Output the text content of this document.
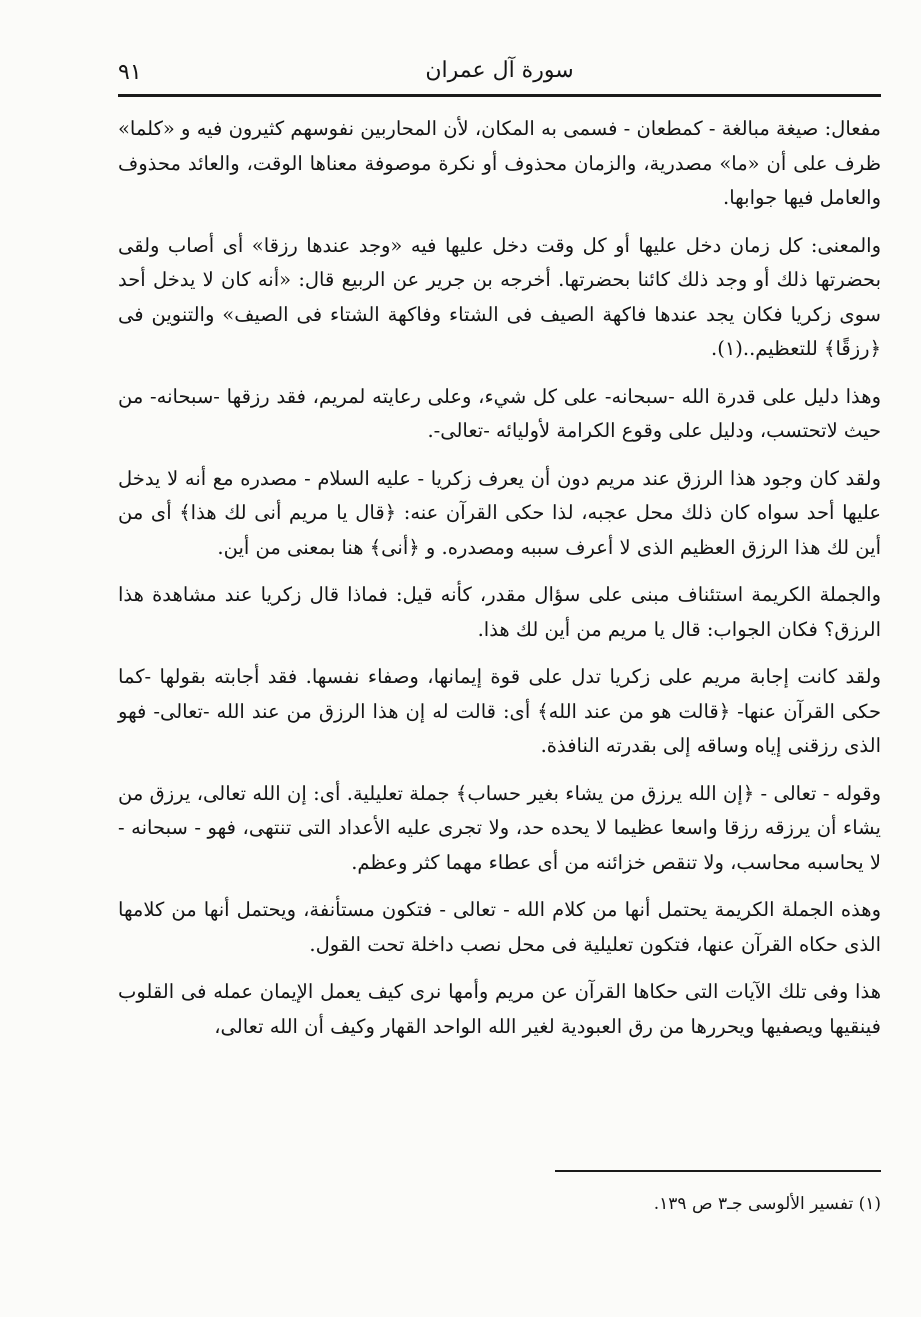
سورة آل عمران
٩١

مفعال: صيغة مبالغة - كمطعان - فسمى به المكان، لأن المحاربين نفوسهم كثيرون فيه و «كلما» ظرف على أن «ما» مصدرية، والزمان محذوف أو نكرة موصوفة معناها الوقت، والعائد محذوف والعامل فيها جوابها.

والمعنى: كل زمان دخل عليها أو كل وقت دخل عليها فيه «وجد عندها رزقا» أى أصاب ولقى بحضرتها ذلك أو وجد ذلك كائنا بحضرتها. أخرجه بن جرير عن الربيع قال: «أنه كان لا يدخل أحد سوى زكريا فكان يجد عندها فاكهة الصيف فى الشتاء وفاكهة الشتاء فى الصيف» والتنوين فى ﴿رزقًا﴾ للتعظيم..(١).

وهذا دليل على قدرة الله -سبحانه- على كل شيء، وعلى رعايته لمريم، فقد رزقها -سبحانه- من حيث لاتحتسب، ودليل على وقوع الكرامة لأوليائه -تعالى-.

ولقد كان وجود هذا الرزق عند مريم دون أن يعرف زكريا - عليه السلام - مصدره مع أنه لا يدخل عليها أحد سواه كان ذلك محل عجبه، لذا حكى القرآن عنه: ﴿قال يا مريم أنى لك هذا﴾ أى من أين لك هذا الرزق العظيم الذى لا أعرف سببه ومصدره. و ﴿أنى﴾ هنا بمعنى من أين.

والجملة الكريمة استئناف مبنى على سؤال مقدر، كأنه قيل: فماذا قال زكريا عند مشاهدة هذا الرزق؟ فكان الجواب: قال يا مريم من أين لك هذا.

ولقد كانت إجابة مريم على زكريا تدل على قوة إيمانها، وصفاء نفسها. فقد أجابته بقولها -كما حكى القرآن عنها- ﴿قالت هو من عند الله﴾ أى: قالت له إن هذا الرزق من عند الله -تعالى- فهو الذى رزقنى إياه وساقه إلى بقدرته النافذة.

وقوله - تعالى - ﴿إن الله يرزق من يشاء بغير حساب﴾ جملة تعليلية. أى: إن الله تعالى، يرزق من يشاء أن يرزقه رزقا واسعا عظيما لا يحده حد، ولا تجرى عليه الأعداد التى تنتهى، فهو - سبحانه - لا يحاسبه محاسب، ولا تنقص خزائنه من أى عطاء مهما كثر وعظم.

وهذه الجملة الكريمة يحتمل أنها من كلام الله - تعالى - فتكون مستأنفة، ويحتمل أنها من كلامها الذى حكاه القرآن عنها، فتكون تعليلية فى محل نصب داخلة تحت القول.

هذا وفى تلك الآيات التى حكاها القرآن عن مريم وأمها نرى كيف يعمل الإيمان عمله فى القلوب فينقيها ويصفيها ويحررها من رق العبودية لغير الله الواحد القهار وكيف أن الله تعالى،

(١) تفسير الألوسى جـ٣ ص ١٣٩.
